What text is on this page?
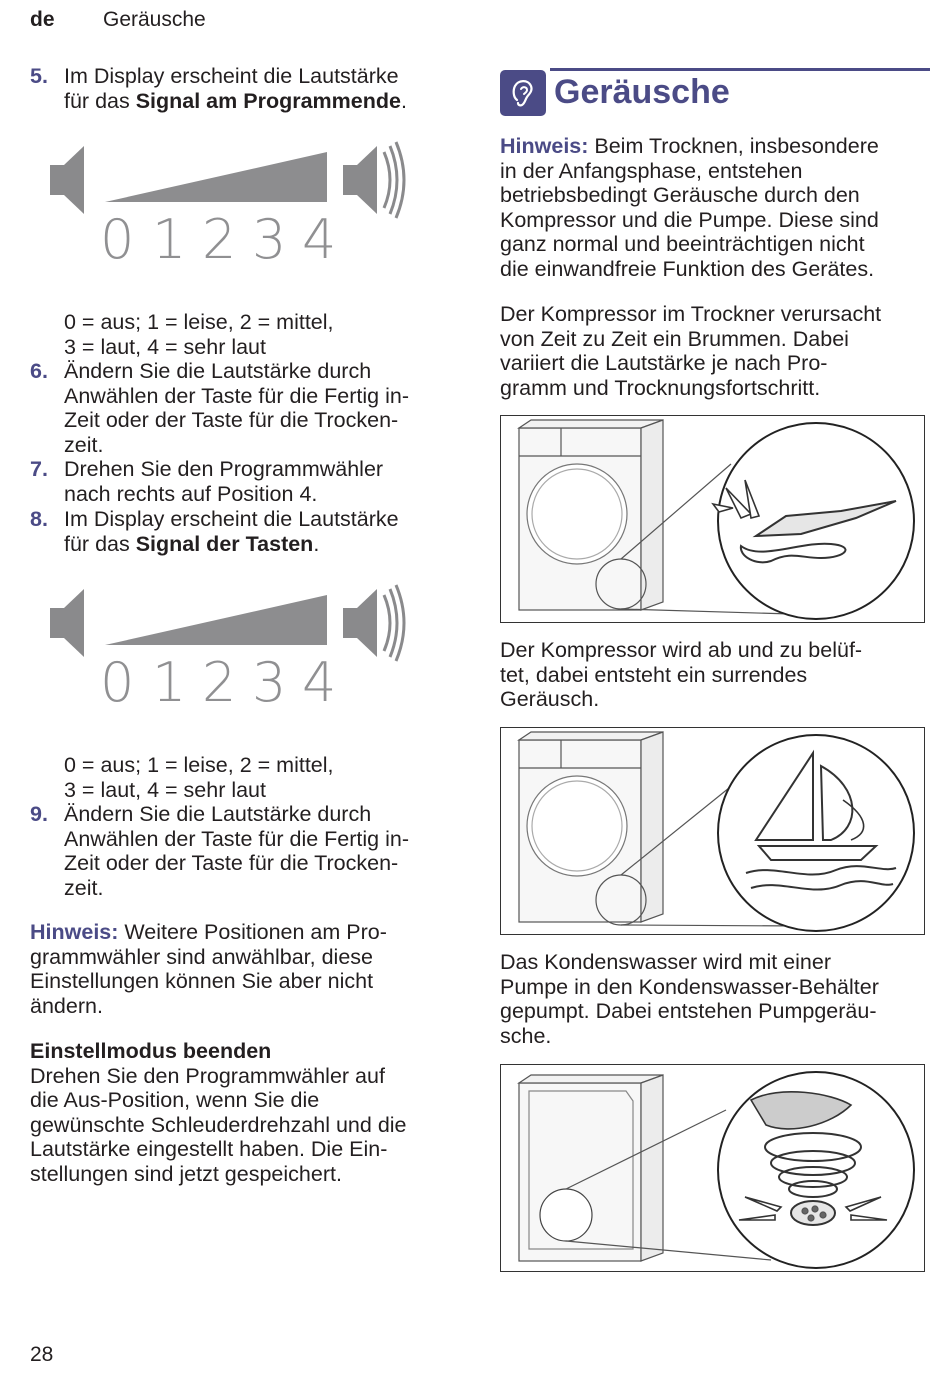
de Geräusche
5. Im Display erscheint die Lautstärke
für das Signal am Programmende.
0 1 2 3 4
0 = aus; 1 = leise, 2 = mittel,
3 = laut, 4 = sehr laut
6. Ändern Sie die Lautstärke durch
Anwählen der Taste für die Fertig in-
Zeit oder der Taste für die Trocken-
zeit.
7. Drehen Sie den Programmwähler
nach rechts auf Position 4.
8. Im Display erscheint die Lautstärke
für das Signal der Tasten.
0 1 2 3 4
0 = aus; 1 = leise, 2 = mittel,
3 = laut, 4 = sehr laut
9. Ändern Sie die Lautstärke durch
Anwählen der Taste für die Fertig in-
Zeit oder der Taste für die Trocken-
zeit.
Hinweis: Weitere Positionen am Pro-
grammwähler sind anwählbar, diese
Einstellungen können Sie aber nicht
ändern.
Einstellmodus beenden
Drehen Sie den Programmwähler auf
die Aus-Position, wenn Sie die
gewünschte Schleuderdrehzahl und die
Lautstärke eingestellt haben. Die Ein-
stellungen sind jetzt gespeichert.
Geräusche
Hinweis: Beim Trocknen, insbesondere
in der Anfangsphase, entstehen
betriebsbedingt Geräusche durch den
Kompressor und die Pumpe. Diese sind
ganz normal und beeinträchtigen nicht
die einwandfreie Funktion des Gerätes.
Der Kompressor im Trockner verursacht
von Zeit zu Zeit ein Brummen. Dabei
variiert die Lautstärke je nach Pro-
gramm und Trocknungsfortschritt.
Der Kompressor wird ab und zu belüf-
tet, dabei entsteht ein surrendes
Geräusch.
Das Kondenswasser wird mit einer
Pumpe in den Kondenswasser-Behälter
gepumpt. Dabei entstehen Pumpgeräu-
sche.
28
